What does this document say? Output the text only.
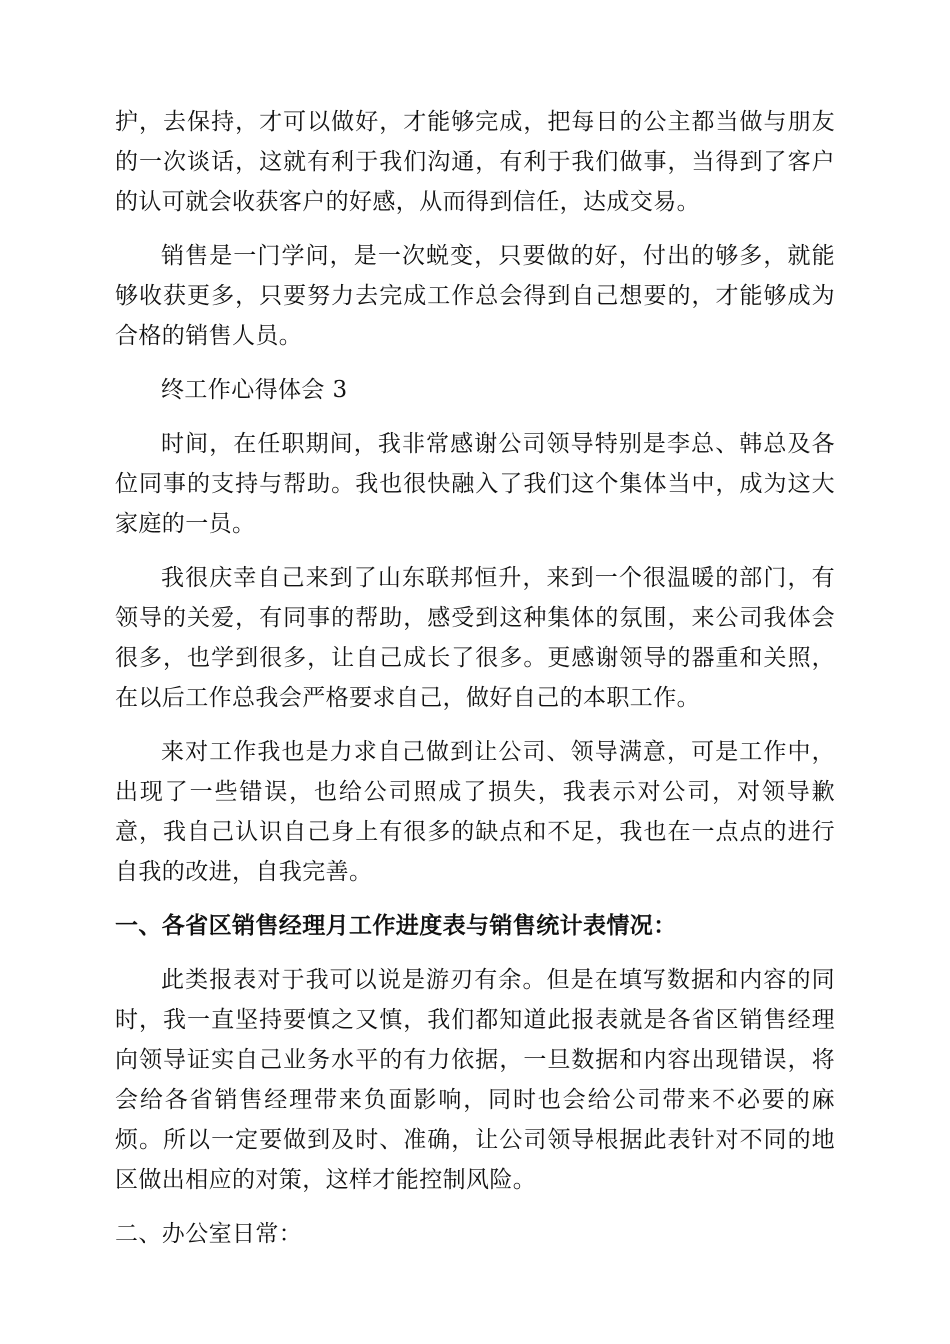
护，去保持，才可以做好，才能够完成，把每日的公主都当做与朋友的一次谈话，这就有利于我们沟通，有利于我们做事，当得到了客户的认可就会收获客户的好感，从而得到信任，达成交易。

销售是一门学问，是一次蜕变，只要做的好，付出的够多，就能够收获更多，只要努力去完成工作总会得到自己想要的，才能够成为合格的销售人员。

终工作心得体会 3

时间，在任职期间，我非常感谢公司领导特别是李总、韩总及各位同事的支持与帮助。我也很快融入了我们这个集体当中，成为这大家庭的一员。

我很庆幸自己来到了山东联邦恒升，来到一个很温暖的部门，有领导的关爱，有同事的帮助，感受到这种集体的氛围，来公司我体会很多，也学到很多，让自己成长了很多。更感谢领导的器重和关照，在以后工作总我会严格要求自己，做好自己的本职工作。

来对工作我也是力求自己做到让公司、领导满意，可是工作中，出现了一些错误，也给公司照成了损失，我表示对公司，对领导歉意，我自己认识自己身上有很多的缺点和不足，我也在一点点的进行自我的改进，自我完善。

一、各省区销售经理月工作进度表与销售统计表情况：

此类报表对于我可以说是游刃有余。但是在填写数据和内容的同时，我一直坚持要慎之又慎，我们都知道此报表就是各省区销售经理向领导证实自己业务水平的有力依据，一旦数据和内容出现错误，将会给各省销售经理带来负面影响，同时也会给公司带来不必要的麻烦。所以一定要做到及时、准确，让公司领导根据此表针对不同的地区做出相应的对策，这样才能控制风险。

二、办公室日常：
